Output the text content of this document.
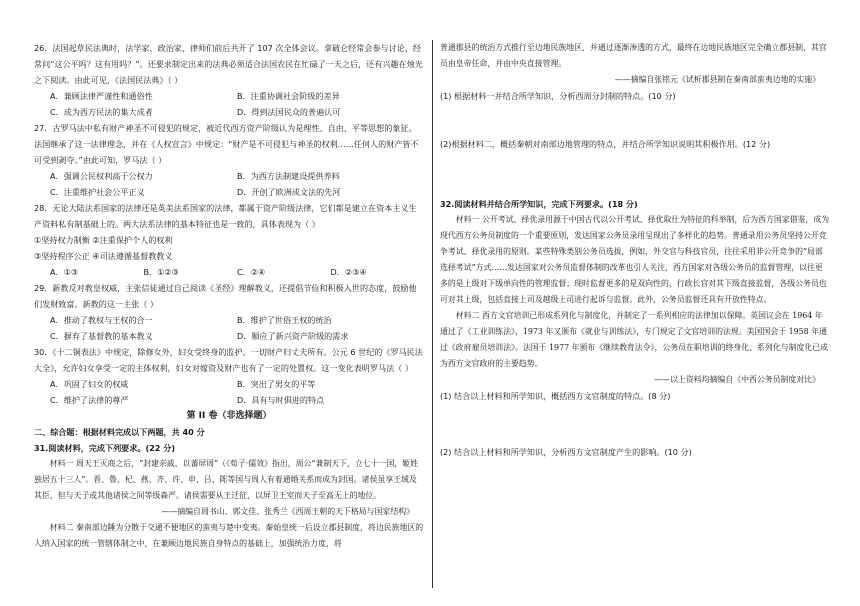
26．法国起草民法典时，法学家、政治家、律师们前后共开了 107 次全体会议。拿破仑经常会参与讨论，经常问“这公平吗？这有用吗？”。还要求制定出来的法典必须适合法国农民在忙碌了一天之后，还有兴趣在烛光之下阅读。由此可见，《法国民法典》（ ）

A．兼顾法律严谨性和通俗性	B．注重协调社会阶级的差异
C．成为西方民法的集大成者	D．得到法国民众的普遍认可

27．古罗马法中私有财产神圣不可侵犯的规定，被近代西方资产阶级认为是理性、自由、平等思想的象征。法国继承了这一法律理念，并在《人权宣言》中规定：“财产是不可侵犯与神圣的权利……任何人的财产皆不可受到剥夺。”由此可知，罗马法（ ）

A．强调公民权利高于公权力	B．为西方法制建设提供养料
C．注重维护社会公平正义	D．开创了欧洲成文法的先河

28．无论大陆法系国家的法律还是英美法系国家的法律，都属于资产阶级法律，它们都是建立在资本主义生产资料私有制基础上的。两大法系法律的基本特征也是一致的，具体表现为（ ）

①坚持权力制衡 ②注重保护个人的权利
③坚持程序公正 ④司法遵循基督教教义
A．①③	B．①②③	C．②④	D．②③④

29．新教反对教皇权威，主张信徒通过自己阅读《圣经》理解教义，还提倡节俭和积极入世的态度，鼓励他们发财致富。新教的这一主张（ ）

A．推动了教权与王权的合一	B．维护了世俗王权的统治
C．摒弃了基督教的基本教义	D．顺应了新兴资产阶级的需求

30．《十二铜表法》中规定，除修女外，妇女受终身的监护。一切财产归丈夫所有。公元 6 世纪的《罗马民法大全》，允许妇女享受一定的主体权利，妇女对嫁资及财产也有了一定的处置权。这一变化表明罗马法（ ）

A．巩固了妇女的权威	B．突出了男女的平等
C．维护了法律的尊严	D．具有与时俱进的特点
第 II 卷（非选择题）
二、综合题：根据材料完成以下两题，共 40 分
31.阅读材料，完成下列要求。(22 分)

材料一 周天王灭商之后，“封建亲戚，以蕃屏周”（《荀子·儒效》指出，周公“兼制天下，立七十一国，姬姓独居五十三人”。晋、鲁、杞、燕、齐、许、申、吕、陈等国与周人有着通婚关系而成为封国。诸侯虽享王域及其臣，但与天子或其他诸侯之间等级森严。诸侯需要从王迁征，以屏卫王室而天子至高无上的地位。

——摘编自周书山、郭文佳、张秀兰《西周王朝的天下格局与国家结构》

材料二 秦南部边陲为分散于交通不便地区的蛮夷与楚中变夷。秦始皇统一后设立郡县制度，将边民族地区的人纳入国家的统一管辖体制之中，在兼顾边地民族自身特点的基础上，加强统治力度，将

普通郡县的统治方式推行至边地民族地区，并通过逐渐渗透的方式，最终在边地民族地区完全确立郡县制，其官员由皇帝任命，并由中央直接管理。

——摘编自张铭元《试析郡县制在秦南部蛮夷边地的实施》
(1) 根据材料一并结合所学知识，分析西周分封制的特点。(10 分)
(2)根据材料二，概括秦朝对南部边地管理的特点，并结合所学知识说明其积极作用。(12 分)
32.阅读材料并结合所学知识，完成下列要求。(18 分)

材料一 公开考试、择优录用源于中国古代以公开考试、择优取仕为特征的科举制，后为西方国家借鉴，成为现代西方公务员制度的一个重要原则，发达国家公务员录用呈现出了多样化的趋势。普通录用公务员坚持公开竞争考试、择优录用的原则。某些特殊类别公务员选拔，例如，外交官与科技官员，往往采用非公开竞争的“局部选择考试”方式……发达国家对公务员监督体制的改革也引人关注，西方国家对各级公务员的监督管理，以往更多的是上级对下级单向性的管理监督；现时监督更多的是双向性的，行政长官对其下级直接监督，各级公务员也可对其上级，包括直接上司及越级上司进行起诉与监督。此外，公务员监督还具有开放性特点。

材料二 西方文官培训已形成系列化与制度化，并制定了一系列相应的法律加以保障。英国议会在 1964 年通过了《工业训练法》，1973 年又颁布《就业与训练法》，专门规定了文官培训的法规。美国国会于 1958 年通过《政府雇员培训法》。法国于 1977 年颁布《继续教育法令》，公务员在职培训的终身化、系列化与制度化已成为西方文官政府的主要趋势。

——以上资料均摘编自《中西公务员制度对比》
(1) 结合以上材料和所学知识，概括西方文官制度的特点。(8 分)
(2) 结合以上材料和所学知识，分析西方文官制度产生的影响。(10 分)
